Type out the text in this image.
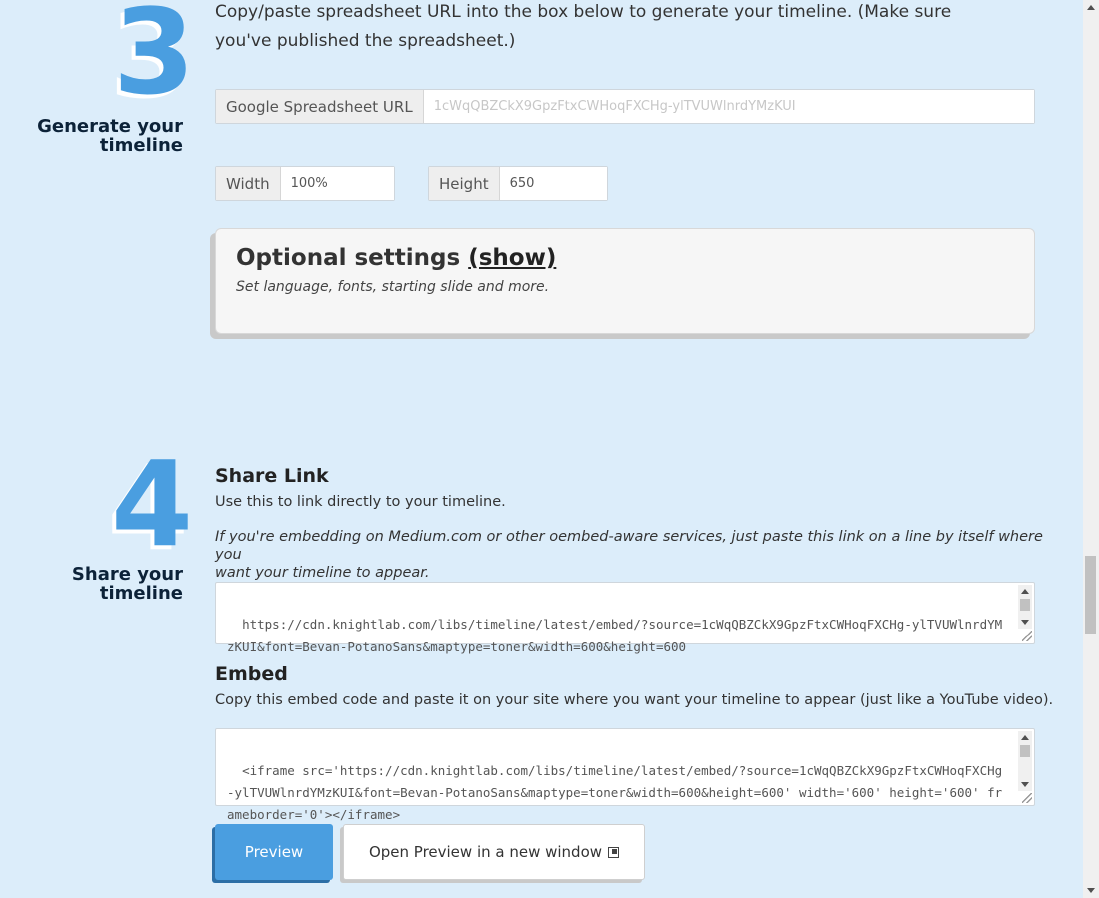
3
Generate your
timeline
Copy/paste spreadsheet URL into the box below to generate your timeline. (Make sure
you've published the spreadsheet.)
Google Spreadsheet URL
1cWqQBZCkX9GpzFtxCWHoqFXCHg-ylTVUWlnrdYMzKUI
Width
100%	Height
650
Optional settings (show)
Set language, fonts, starting slide and more.
4
Share your
timeline
Share Link
Use this to link directly to your timeline.
If you're embedding on Medium.com or other oembed-aware services, just paste this link on a line by itself where you
want your timeline to appear.

https://cdn.knightlab.com/libs/timeline/latest/embed/?source=1cWqQBZCkX9GpzFtxCWHoqFXCHg-ylTVUWlnrdYMzKUI&font=Bevan-PotanoSans&maptype=toner&width=600&height=600

Embed
Copy this embed code and paste it on your site where you want your timeline to appear (just like a YouTube video).

<iframe src='https://cdn.knightlab.com/libs/timeline/latest/embed/?source=1cWqQBZCkX9GpzFtxCWHoqFXCHg-ylTVUWlnrdYMzKUI&font=Bevan-PotanoSans&maptype=toner&width=600&height=600' width='600' height='600' frameborder='0'></iframe>

Preview	Open Preview in a new window
